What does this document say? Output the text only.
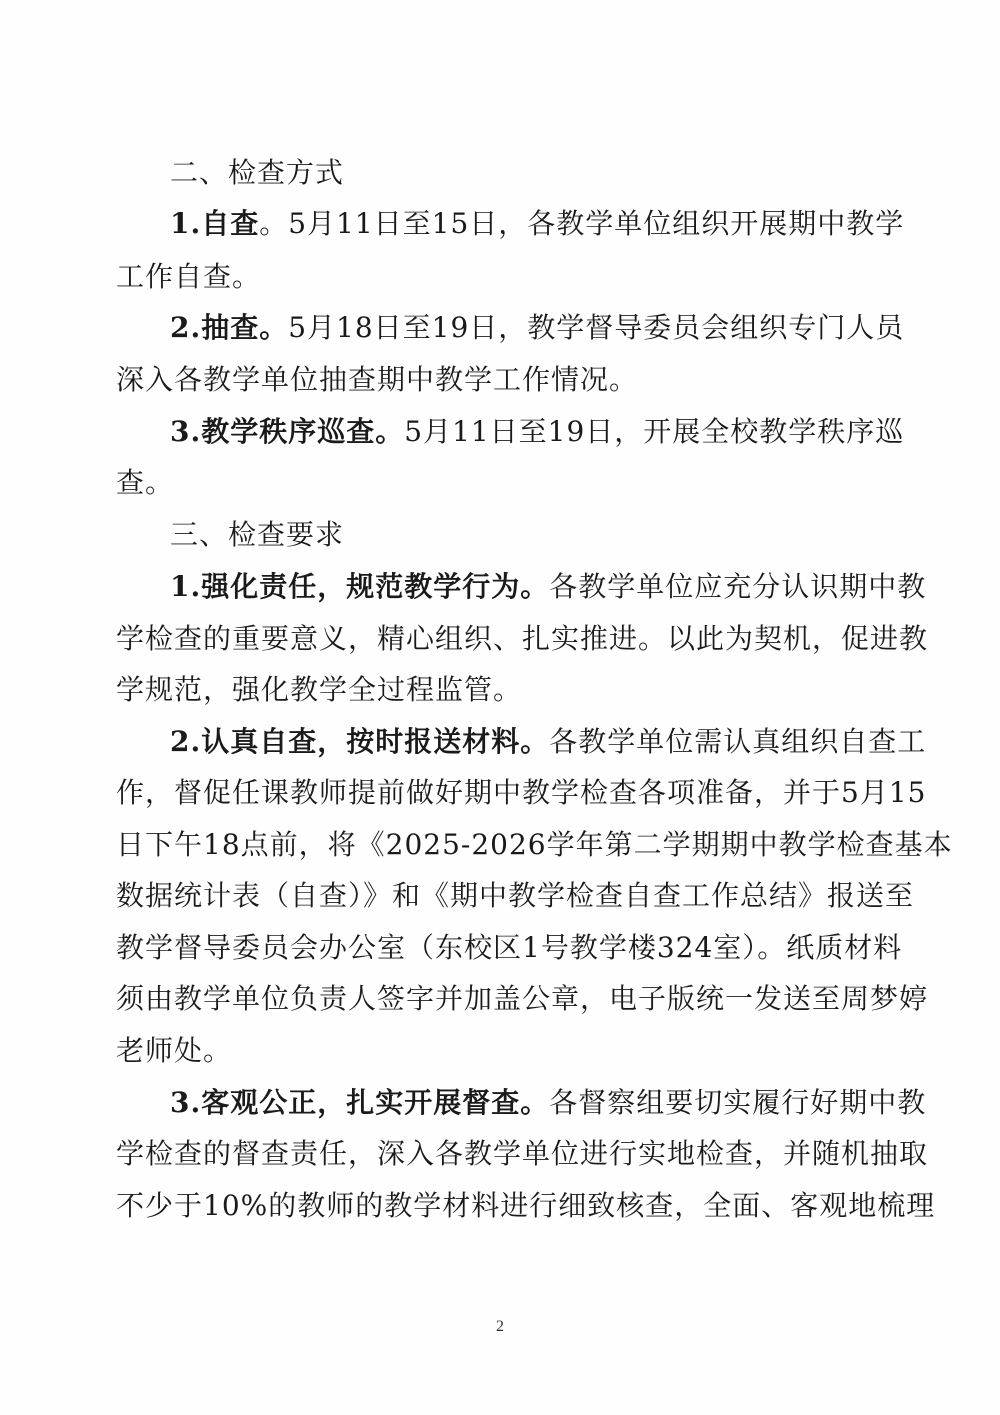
二、检查方式
1.自查。5月11日至15日，各教学单位组织开展期中教学
工作自查。
2.抽查。5月18日至19日，教学督导委员会组织专门人员
深入各教学单位抽查期中教学工作情况。
3.教学秩序巡查。5月11日至19日，开展全校教学秩序巡
查。
三、检查要求
1.强化责任，规范教学行为。各教学单位应充分认识期中教
学检查的重要意义，精心组织、扎实推进。以此为契机，促进教
学规范，强化教学全过程监管。
2.认真自查，按时报送材料。各教学单位需认真组织自查工
作，督促任课教师提前做好期中教学检查各项准备，并于5月15
日下午18点前，将《2025-2026学年第二学期期中教学检查基本
数据统计表（自查）》和《期中教学检查自查工作总结》报送至
教学督导委员会办公室（东校区1号教学楼324室）。纸质材料
须由教学单位负责人签字并加盖公章，电子版统一发送至周梦婷
老师处。
3.客观公正，扎实开展督查。各督察组要切实履行好期中教
学检查的督查责任，深入各教学单位进行实地检查，并随机抽取
不少于10%的教师的教学材料进行细致核查，全面、客观地梳理
2
